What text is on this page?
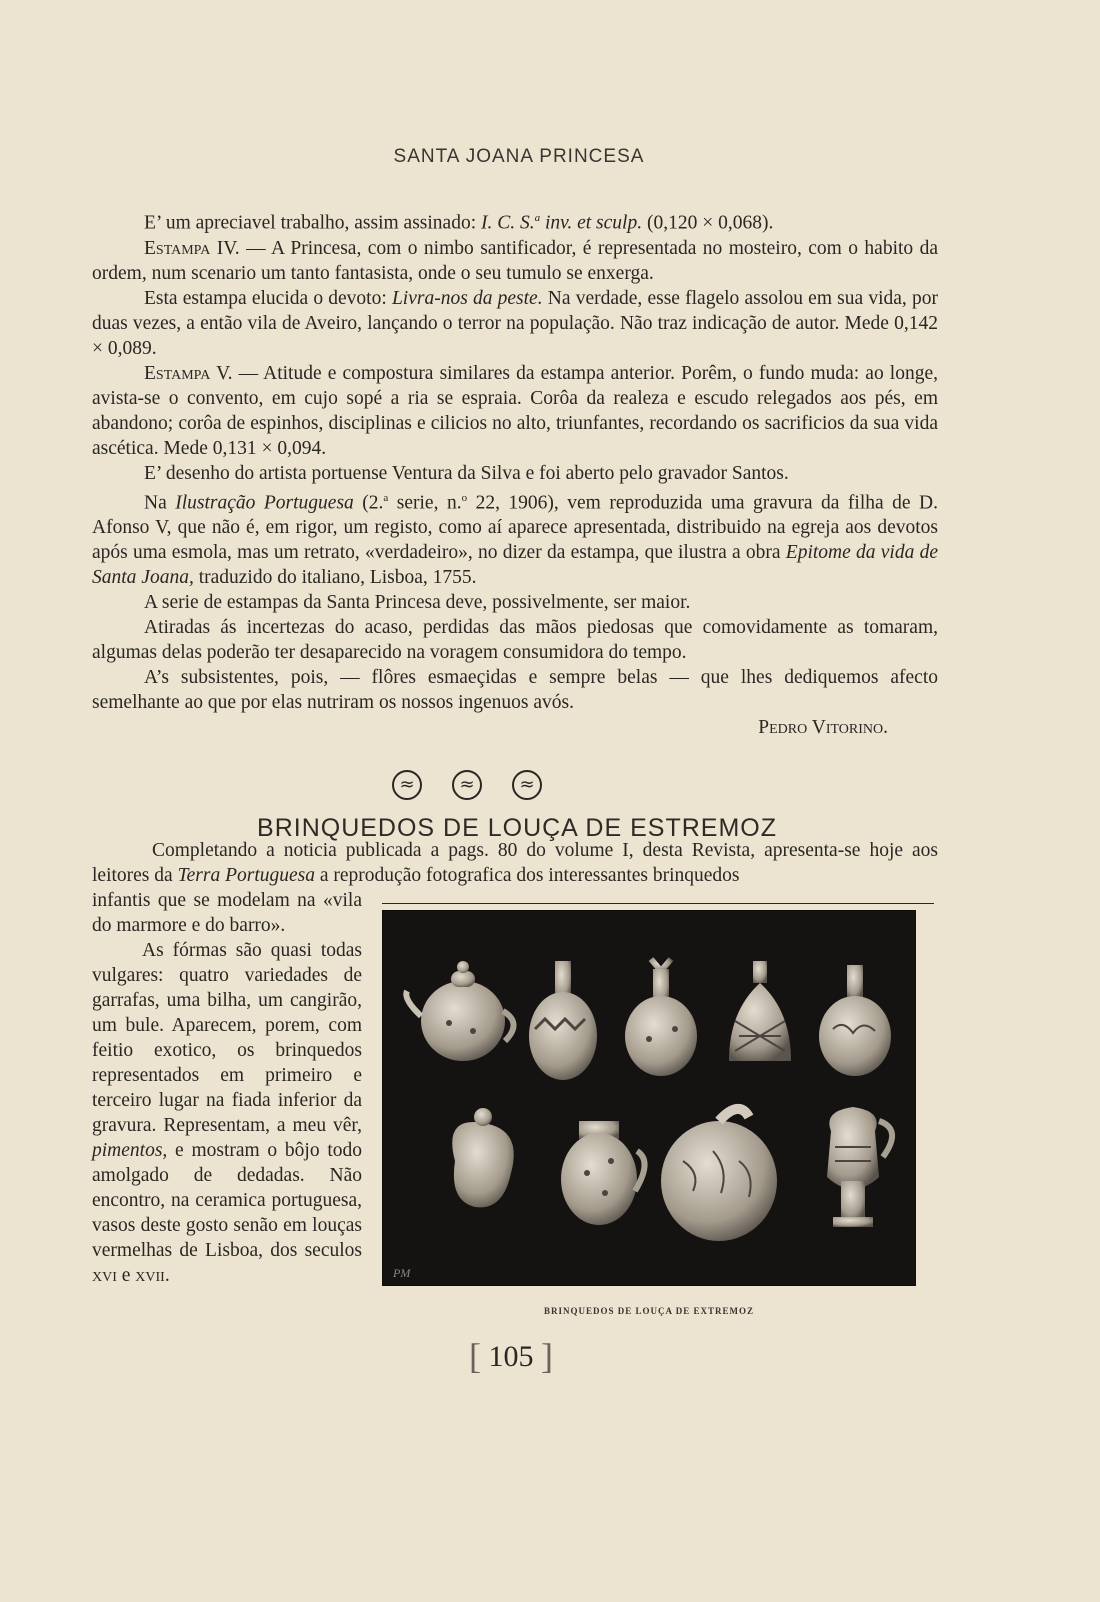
SANTA JOANA PRINCESA

E’ um apreciavel trabalho, assim assinado: I. C. S.$^a$ inv. et sculp. (0,120 × 0,068).

Estampa IV. — A Princesa, com o nimbo santificador, é representada no mosteiro, com o habito da ordem, num scenario um tanto fantasista, onde o seu tumulo se enxerga.

Esta estampa elucida o devoto: Livra-nos da peste. Na verdade, esse flagelo assolou em sua vida, por duas vezes, a então vila de Aveiro, lançando o terror na população. Não traz indicação de autor. Mede 0,142 × 0,089.

Estampa V. — Atitude e compostura similares da estampa anterior. Porêm, o fundo muda: ao longe, avista-se o convento, em cujo sopé a ria se espraia. Corôa da realeza e escudo relegados aos pés, em abandono; corôa de espinhos, disciplinas e cilicios no alto, triunfantes, recordando os sacrificios da sua vida ascética. Mede 0,131 × 0,094.

E’ desenho do artista portuense Ventura da Silva e foi aberto pelo gravador Santos.

Na Ilustração Portuguesa (2.$^a$ serie, n.$^o$ 22, 1906), vem reproduzida uma gravura da filha de D. Afonso V, que não é, em rigor, um registo, como aí aparece apresentada, distribuido na egreja aos devotos após uma esmola, mas um retrato, «verdadeiro», no dizer da estampa, que ilustra a obra Epitome da vida de Santa Joana, traduzido do italiano, Lisboa, 1755.

A serie de estampas da Santa Princesa deve, possivelmente, ser maior.

Atiradas ás incertezas do acaso, perdidas das mãos piedosas que comovidamente as tomaram, algumas delas poderão ter desaparecido na voragem consumidora do tempo.

A’s subsistentes, pois, — flôres esmaeçidas e sempre belas — que lhes dediquemos afecto semelhante ao que por elas nutriram os nossos ingenuos avós.

Pedro Vitorino.

≈	≈	≈
BRINQUEDOS DE LOUÇA DE ESTREMOZ

Completando a noticia publicada a pags. 80 do volume I, desta Revista, apresenta-se hoje aos leitores da Terra Portuguesa a reprodução fotografica dos interessantes brinquedos

infantis que se modelam na «vila do marmore e do barro».

As fórmas são quasi todas vulgares: quatro variedades de garrafas, uma bilha, um cangirão, um bule. Aparecem, porem, com feitio exotico, os brinquedos representados em primeiro e terceiro lugar na fiada inferior da gravura. Representam, a meu vêr, pimentos, e mostram o bôjo todo amolgado de dedadas. Não encontro, na ceramica portuguesa, vasos deste gosto senão em louças vermelhas de Lisboa, dos seculos xvi e xvii.	PM
BRINQUEDOS DE LOUÇA DE EXTREMOZ
[ 105 ]
